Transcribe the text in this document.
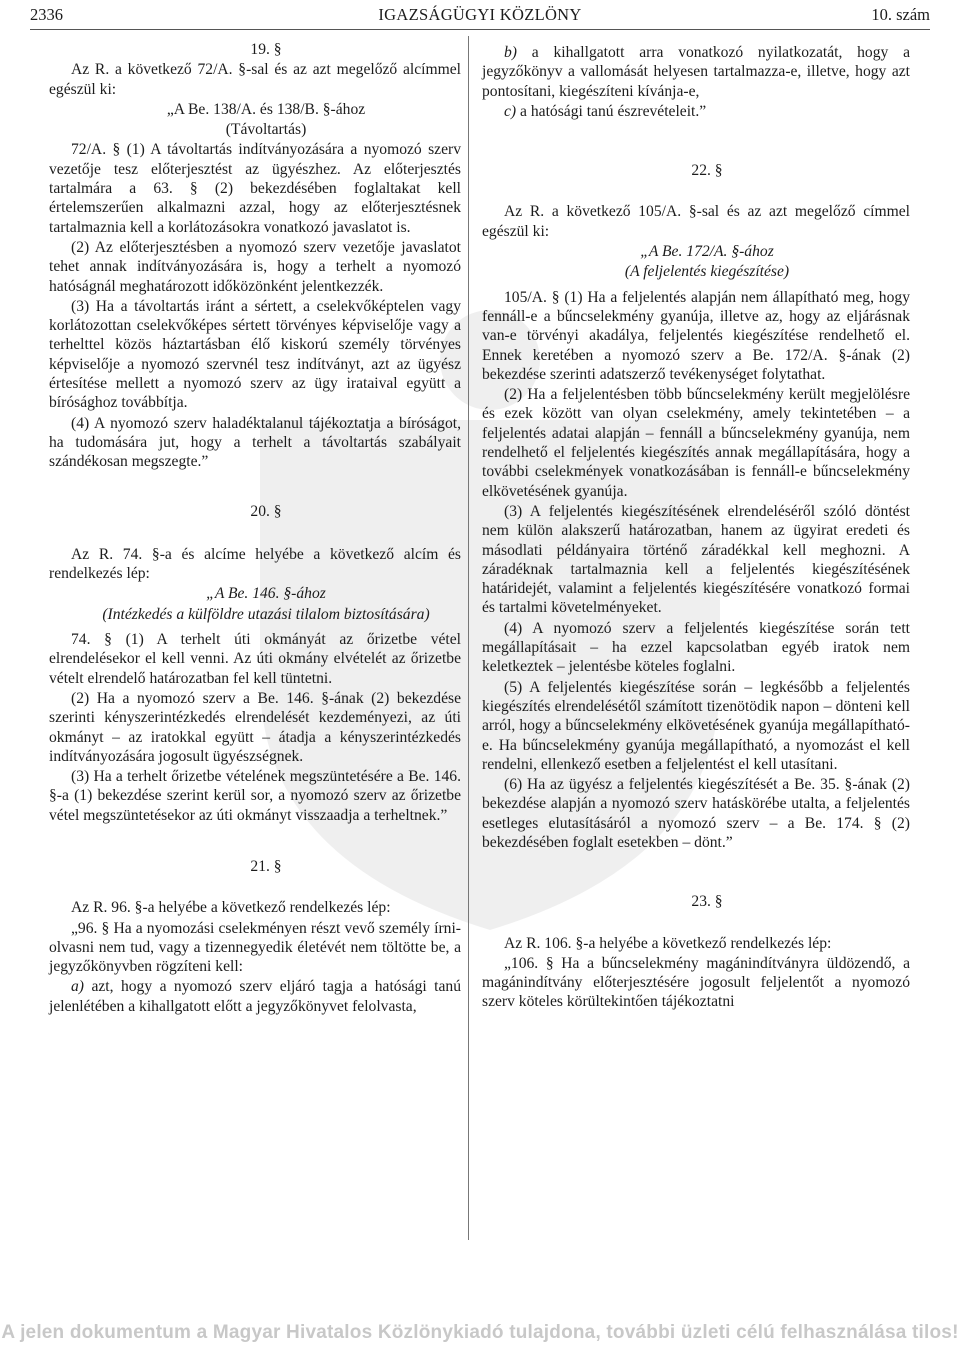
2336	IGAZSÁGÜGYI KÖZLÖNY	10. szám

19. §

Az R. a következő 72/A. §-sal és az azt megelőző alcímmel egészül ki:

„A Be. 138/A. és 138/B. §-ához

(Távoltartás)

72/A. § (1) A távoltartás indítványozására a nyomozó szerv vezetője tesz előterjesztést az ügyészhez. Az előterjesztés tartalmára a 63. § (2) bekezdésében foglaltakat kell értelemszerűen alkalmazni azzal, hogy az előterjesztésnek tartalmaznia kell a korlátozásokra vonatkozó javaslatot is.

(2) Az előterjesztésben a nyomozó szerv vezetője javaslatot tehet annak indítványozására is, hogy a terhelt a nyomozó hatóságnál meghatározott időközönként jelentkezzék.

(3) Ha a távoltartás iránt a sértett, a cselekvőképtelen vagy korlátozottan cselekvőképes sértett törvényes képviselője vagy a terhelttel közös háztartásban élő kiskorú személy törvényes képviselője a nyomozó szervnél tesz indítványt, azt az ügyész értesítése mellett a nyomozó szerv az ügy irataival együtt a bírósághoz továbbítja.

(4) A nyomozó szerv haladéktalanul tájékoztatja a bíróságot, ha tudomására jut, hogy a terhelt a távoltartás szabályait szándékosan megszegte.”

20. §

Az R. 74. §-a és alcíme helyébe a következő alcím és rendelkezés lép:

„A Be. 146. §-ához

(Intézkedés a külföldre utazási tilalom biztosítására)

74. § (1) A terhelt úti okmányát az őrizetbe vétel elrendelésekor el kell venni. Az úti okmány elvételét az őrizetbe vételt elrendelő határozatban fel kell tüntetni.

(2) Ha a nyomozó szerv a Be. 146. §-ának (2) bekezdése szerinti kényszerintézkedés elrendelését kezdeményezi, az úti okmányt – az iratokkal együtt – átadja a kényszerintézkedés indítványozására jogosult ügyészségnek.

(3) Ha a terhelt őrizetbe vételének megszüntetésére a Be. 146. §-a (1) bekezdése szerint kerül sor, a nyomozó szerv az őrizetbe vétel megszüntetésekor az úti okmányt visszaadja a terheltnek.”

21. §

Az R. 96. §-a helyébe a következő rendelkezés lép:

„96. § Ha a nyomozási cselekményen részt vevő személy írni-olvasni nem tud, vagy a tizennegyedik életévét nem töltötte be, a jegyzőkönyvben rögzíteni kell:

a) azt, hogy a nyomozó szerv eljáró tagja a hatósági tanú jelenlétében a kihallgatott előtt a jegyzőkönyvet felolvasta,

b) a kihallgatott arra vonatkozó nyilatkozatát, hogy a jegyzőkönyv a vallomását helyesen tartalmazza-e, illetve, hogy azt pontosítani, kiegészíteni kívánja-e,

c) a hatósági tanú észrevételeit.”

22. §

Az R. a következő 105/A. §-sal és az azt megelőző címmel egészül ki:

„A Be. 172/A. §-ához

(A feljelentés kiegészítése)

105/A. § (1) Ha a feljelentés alapján nem állapítható meg, hogy fennáll-e a bűncselekmény gyanúja, illetve az, hogy az eljárásnak van-e törvényi akadálya, feljelentés kiegészítése rendelhető el. Ennek keretében a nyomozó szerv a Be. 172/A. §-ának (2) bekezdése szerinti adatszerző tevékenységet folytathat.

(2) Ha a feljelentésben több bűncselekmény került megjelölésre és ezek között van olyan cselekmény, amely tekintetében – a feljelentés adatai alapján – fennáll a bűncselekmény gyanúja, nem rendelhető el feljelentés kiegészítés annak megállapítására, hogy a további cselekmények vonatkozásában is fennáll-e bűncselekmény elkövetésének gyanúja.

(3) A feljelentés kiegészítésének elrendeléséről szóló döntést nem külön alakszerű határozatban, hanem az ügyirat eredeti és másodlati példányaira történő záradékkal kell meghozni. A záradéknak tartalmaznia kell a feljelentés kiegészítésének határidejét, valamint a feljelentés kiegészítésére vonatkozó formai és tartalmi követelményeket.

(4) A nyomozó szerv a feljelentés kiegészítése során tett megállapításait – ha ezzel kapcsolatban egyéb iratok nem keletkeztek – jelentésbe köteles foglalni.

(5) A feljelentés kiegészítése során – legkésőbb a feljelentés kiegészítés elrendelésétől számított tizenötödik napon – dönteni kell arról, hogy a bűncselekmény elkövetésének gyanúja megállapítható-e. Ha bűncselekmény gyanúja megállapítható, a nyomozást el kell rendelni, ellenkező esetben a feljelentést el kell utasítani.

(6) Ha az ügyész a feljelentés kiegészítését a Be. 35. §-ának (2) bekezdése alapján a nyomozó szerv hatáskörébe utalta, a feljelentés esetleges elutasításáról a nyomozó szerv – a Be. 174. § (2) bekezdésében foglalt esetekben – dönt.”

23. §

Az R. 106. §-a helyébe a következő rendelkezés lép:

„106. § Ha a bűncselekmény magánindítványra üldözendő, a magánindítvány előterjesztésére jogosult feljelentőt a nyomozó szerv köteles körültekintően tájékoztatni

A jelen dokumentum a Magyar Hivatalos Közlönykiadó tulajdona, további üzleti célú felhasználása tilos!
